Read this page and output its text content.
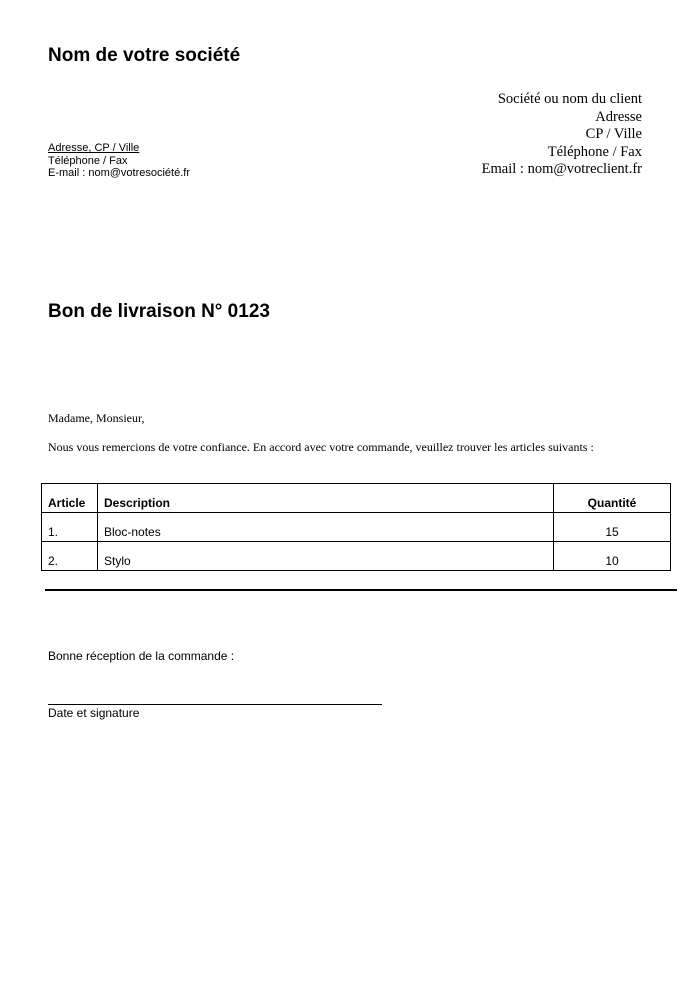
Nom de votre société
Adresse, CP / Ville
Téléphone / Fax
E-mail : nom@votresociété.fr
Société ou nom du client
Adresse
CP / Ville
Téléphone / Fax
Email : nom@votreclient.fr
Bon de livraison N° 0123
Madame, Monsieur,
Nous vous remercions de votre confiance. En accord avec votre commande, veuillez trouver les articles suivants :
Article	Description	Quantité
1.	Bloc-notes	15
2.	Stylo	10
Bonne réception de la commande :
Date et signature
